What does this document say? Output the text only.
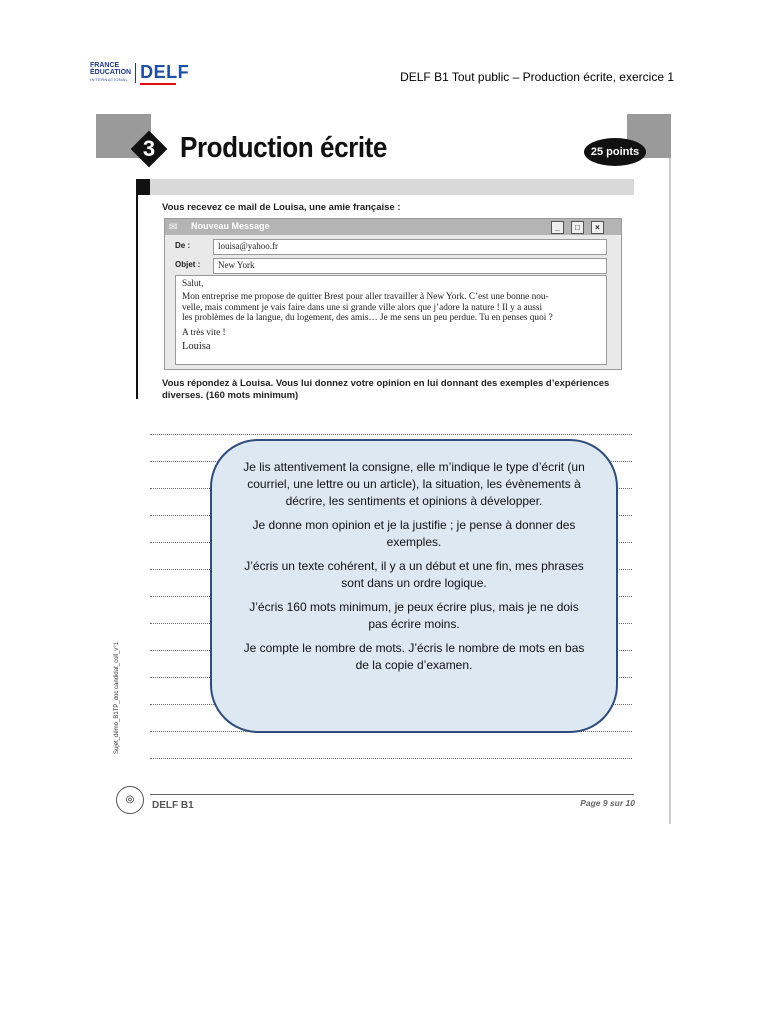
FRANCE
ÉDUCATION
INTERNATIONAL DELF	DELF B1 Tout public – Production écrite, exercice 1
3 Production écrite	25 points
Vous recevez ce mail de Louisa, une amie française :
✉ Nouveau Message	_	□	×
De :	louisa@yahoo.fr
Objet : New York

Salut,

Mon entreprise me propose de quitter Brest pour aller travailler à New York. C’est une bonne nou-

velle, mais comment je vais faire dans une si grande ville alors que j’adore la nature ! Il y a aussi

les problèmes de la langue, du logement, des amis… Je me sens un peu perdue. Tu en penses quoi ?

A très vite !

Louisa

Vous répondez à Louisa. Vous lui donnez votre opinion en lui donnant des exemples d’expériences diverses. (160 mots minimum)
Sujet_démo_B1TP_doc candidat_coll_v°1
◎
DELF B1	Page 9 sur 10

Je lis attentivement la consigne, elle m’indique le type d’écrit (un courriel, une lettre ou un article), la situation, les évènements à décrire, les sentiments et opinions à développer.

Je donne mon opinion et je la justifie ; je pense à donner des exemples.

J’écris un texte cohérent, il y a un début et une fin, mes phrases sont dans un ordre logique.

J’écris 160 mots minimum, je peux écrire plus, mais je ne dois pas écrire moins.

Je compte le nombre de mots. J’écris le nombre de mots en bas de la copie d’examen.
